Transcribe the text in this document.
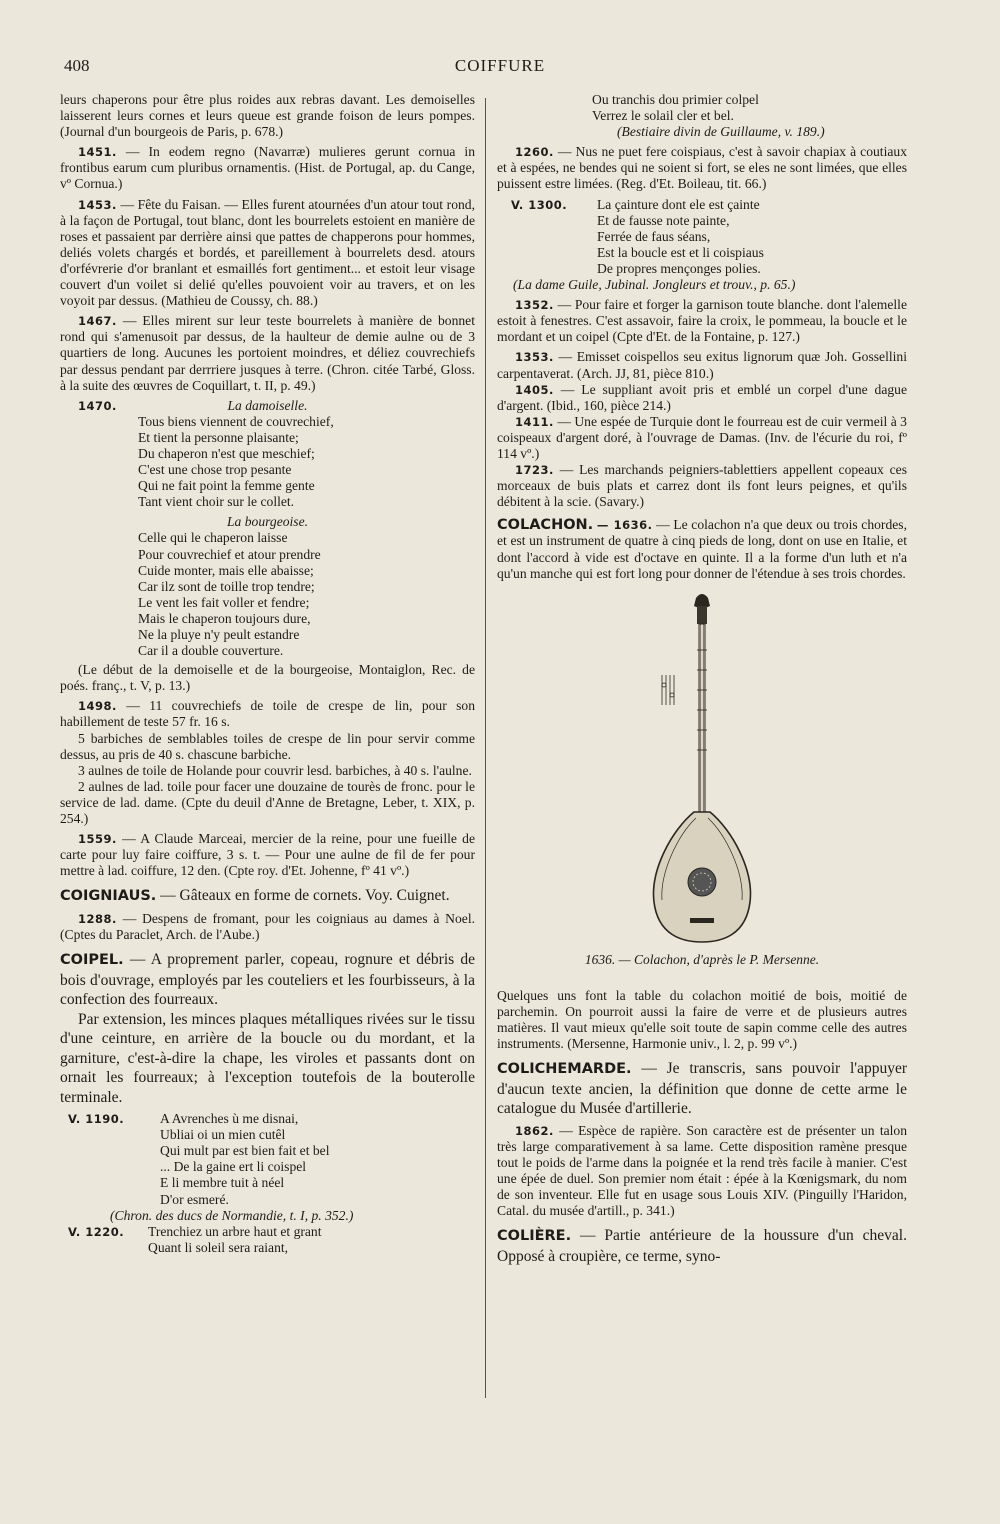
408	COIFFURE

leurs chaperons pour être plus roides aux rebras davant. Les demoiselles laisserent leurs cornes et leurs queue est grande foison de leurs pompes. (Journal d'un bourgeois de Paris, p. 678.)

1451. — In eodem regno (Navarræ) mulieres gerunt cornua in frontibus earum cum pluribus ornamentis. (Hist. de Portugal, ap. du Cange, vº Cornua.)

1453. — Fête du Faisan. — Elles furent atournées d'un atour tout rond, à la façon de Portugal, tout blanc, dont les bourrelets estoient en manière de roses et passaient par derrière ainsi que pattes de chapperons pour hommes, deliés volets chargés et bordés, et pareillement à bourrelets desd. atours d'orfévrerie d'or branlant et esmaillés fort gentiment... et estoit leur visage couvert d'un voilet si delié qu'elles pouvoient voir au travers, et on les voyoit par dessus. (Mathieu de Coussy, ch. 88.)

1467. — Elles mirent sur leur teste bourrelets à manière de bonnet rond qui s'amenusoit par dessus, de la haulteur de demie aulne ou de 3 quartiers de long. Aucunes les portoient moindres, et déliez couvrechiefs par dessus pendant par derrriere jusques à terre. (Chron. citée Tarbé, Gloss. à la suite des œuvres de Coquillart, t. II, p. 49.)

1470.	La damoiselle.
Tous biens viennent de couvrechief,
Et tient la personne plaisante;
Du chaperon n'est que meschief;
C'est une chose trop pesante
Qui ne fait point la femme gente
Tant vient choir sur le collet.
La bourgeoise.
Celle qui le chaperon laisse
Pour couvrechief et atour prendre
Cuide monter, mais elle abaisse;
Car ilz sont de toille trop tendre;
Le vent les fait voller et fendre;
Mais le chaperon toujours dure,
Ne la pluye n'y peult estandre
Car il a double couverture.

(Le début de la demoiselle et de la bourgeoise, Montaiglon, Rec. de poés. franç., t. V, p. 13.)

1498. — 11 couvrechiefs de toile de crespe de lin, pour son habillement de teste 57 fr. 16 s.

5 barbiches de semblables toiles de crespe de lin pour servir comme dessus, au pris de 40 s. chascune barbiche.

3 aulnes de toile de Holande pour couvrir lesd. barbiches, à 40 s. l'aulne.

2 aulnes de lad. toile pour facer une douzaine de tourès de fronc. pour le service de lad. dame. (Cpte du deuil d'Anne de Bretagne, Leber, t. XIX, p. 254.)

1559. — A Claude Marceai, mercier de la reine, pour une fueille de carte pour luy faire coiffure, 3 s. t. — Pour une aulne de fil de fer pour mettre à lad. coiffure, 12 den. (Cpte roy. d'Et. Johenne, fº 41 vº.)

COIGNIAUS. — Gâteaux en forme de cornets. Voy. Cuignet.

1288. — Despens de fromant, pour les coigniaus au dames à Noel. (Cptes du Paraclet, Arch. de l'Aube.)

COIPEL. — A proprement parler, copeau, rognure et débris de bois d'ouvrage, employés par les couteliers et les fourbisseurs, à la confection des fourreaux.

Par extension, les minces plaques métalliques rivées sur le tissu d'une ceinture, en arrière de la boucle ou du mordant, et la garniture, c'est-à-dire la chape, les viroles et passants dont on ornait les fourreaux; à l'exception toutefois de la bouterolle terminale.

V. 1190.	A Avrenches ù me disnai,
Ubliai oi un mien cutêl
Qui mult par est bien fait et bel
... De la gaine ert li coispel
E li membre tuit à néel
D'or esmeré.
(Chron. des ducs de Normandie, t. I, p. 352.)
V. 1220. Trenchiez un arbre haut et grant
Quant li soleil sera raiant,
Ou tranchis dou primier colpel
Verrez le solail cler et bel.
(Bestiaire divin de Guillaume, v. 189.)

1260. — Nus ne puet fere coispiaus, c'est à savoir chapiax à coutiaux et à espées, ne bendes qui ne soient si fort, se eles ne sont limées, que elles puissent estre limées. (Reg. d'Et. Boileau, tit. 66.)

V. 1300. La çainture dont ele est çainte
Et de fausse note painte,
Ferrée de faus séans,
Est la boucle est et li coispiaus
De propres mençonges polies.
(La dame Guile, Jubinal. Jongleurs et trouv., p. 65.)

1352. — Pour faire et forger la garnison toute blanche. dont l'alemelle estoit à fenestres. C'est assavoir, faire la croix, le pommeau, la boucle et le mordant et un coipel (Cpte d'Et. de la Fontaine, p. 127.)

1353. — Emisset coispellos seu exitus lignorum quæ Joh. Gossellini carpentaverat. (Arch. JJ, 81, pièce 810.)

1405. — Le suppliant avoit pris et emblé un corpel d'une dague d'argent. (Ibid., 160, pièce 214.)

1411. — Une espée de Turquie dont le fourreau est de cuir vermeil à 3 coispeaux d'argent doré, à l'ouvrage de Damas. (Inv. de l'écurie du roi, fº 114 vº.)

1723. — Les marchands peigniers-tablettiers appellent copeaux ces morceaux de buis plats et carrez dont ils font leurs peignes, et qu'ils débitent à la scie. (Savary.)

COLACHON. — 1636. — Le colachon n'a que deux ou trois chordes, et est un instrument de quatre à cinq pieds de long, dont on use en Italie, et dont l'accord à vide est d'octave en quinte. Il a la forme d'un luth et n'a qu'un manche qui est fort long pour donner de l'étendue à ses trois chordes.

1636. — Colachon, d'après le P. Mersenne.

Quelques uns font la table du colachon moitié de bois, moitié de parchemin. On pourroit aussi la faire de verre et de plusieurs autres matières. Il vaut mieux qu'elle soit toute de sapin comme celle des autres instruments. (Mersenne, Harmonie univ., l. 2, p. 99 vº.)

COLICHEMARDE. — Je transcris, sans pouvoir l'appuyer d'aucun texte ancien, la définition que donne de cette arme le catalogue du Musée d'artillerie.

1862. — Espèce de rapière. Son caractère est de présenter un talon très large comparativement à sa lame. Cette disposition ramène presque tout le poids de l'arme dans la poignée et la rend très facile à manier. C'est une épée de duel. Son premier nom était : épée à la Kœnigsmark, du nom de son inventeur. Elle fut en usage sous Louis XIV. (Pinguilly l'Haridon, Catal. du musée d'artill., p. 341.)

COLIÈRE. — Partie antérieure de la houssure d'un cheval. Opposé à croupière, ce terme, syno-
